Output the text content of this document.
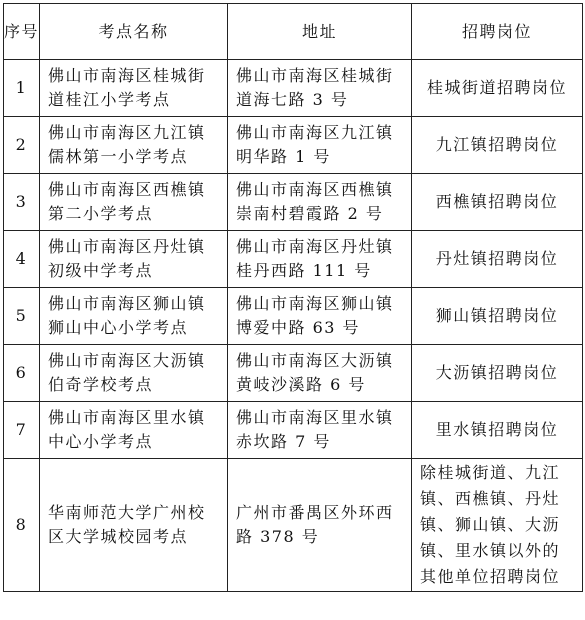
序号	考点名称	地址	招聘岗位
1	佛山市南海区桂城街道桂江小学考点	佛山市南海区桂城街道海七路 3 号	桂城街道招聘岗位
2	佛山市南海区九江镇儒林第一小学考点	佛山市南海区九江镇明华路 1 号	九江镇招聘岗位
3	佛山市南海区西樵镇第二小学考点	佛山市南海区西樵镇崇南村碧霞路 2 号	西樵镇招聘岗位
4	佛山市南海区丹灶镇初级中学考点	佛山市南海区丹灶镇桂丹西路 111 号	丹灶镇招聘岗位
5	佛山市南海区狮山镇狮山中心小学考点	佛山市南海区狮山镇博爱中路 63 号	狮山镇招聘岗位
6	佛山市南海区大沥镇伯奇学校考点	佛山市南海区大沥镇黄岐沙溪路 6 号	大沥镇招聘岗位
7	佛山市南海区里水镇中心小学考点	佛山市南海区里水镇赤坎路 7 号	里水镇招聘岗位
8	华南师范大学广州校区大学城校园考点	广州市番禺区外环西路 378 号	除桂城街道、九江镇、西樵镇、丹灶镇、狮山镇、大沥镇、里水镇以外的其他单位招聘岗位
